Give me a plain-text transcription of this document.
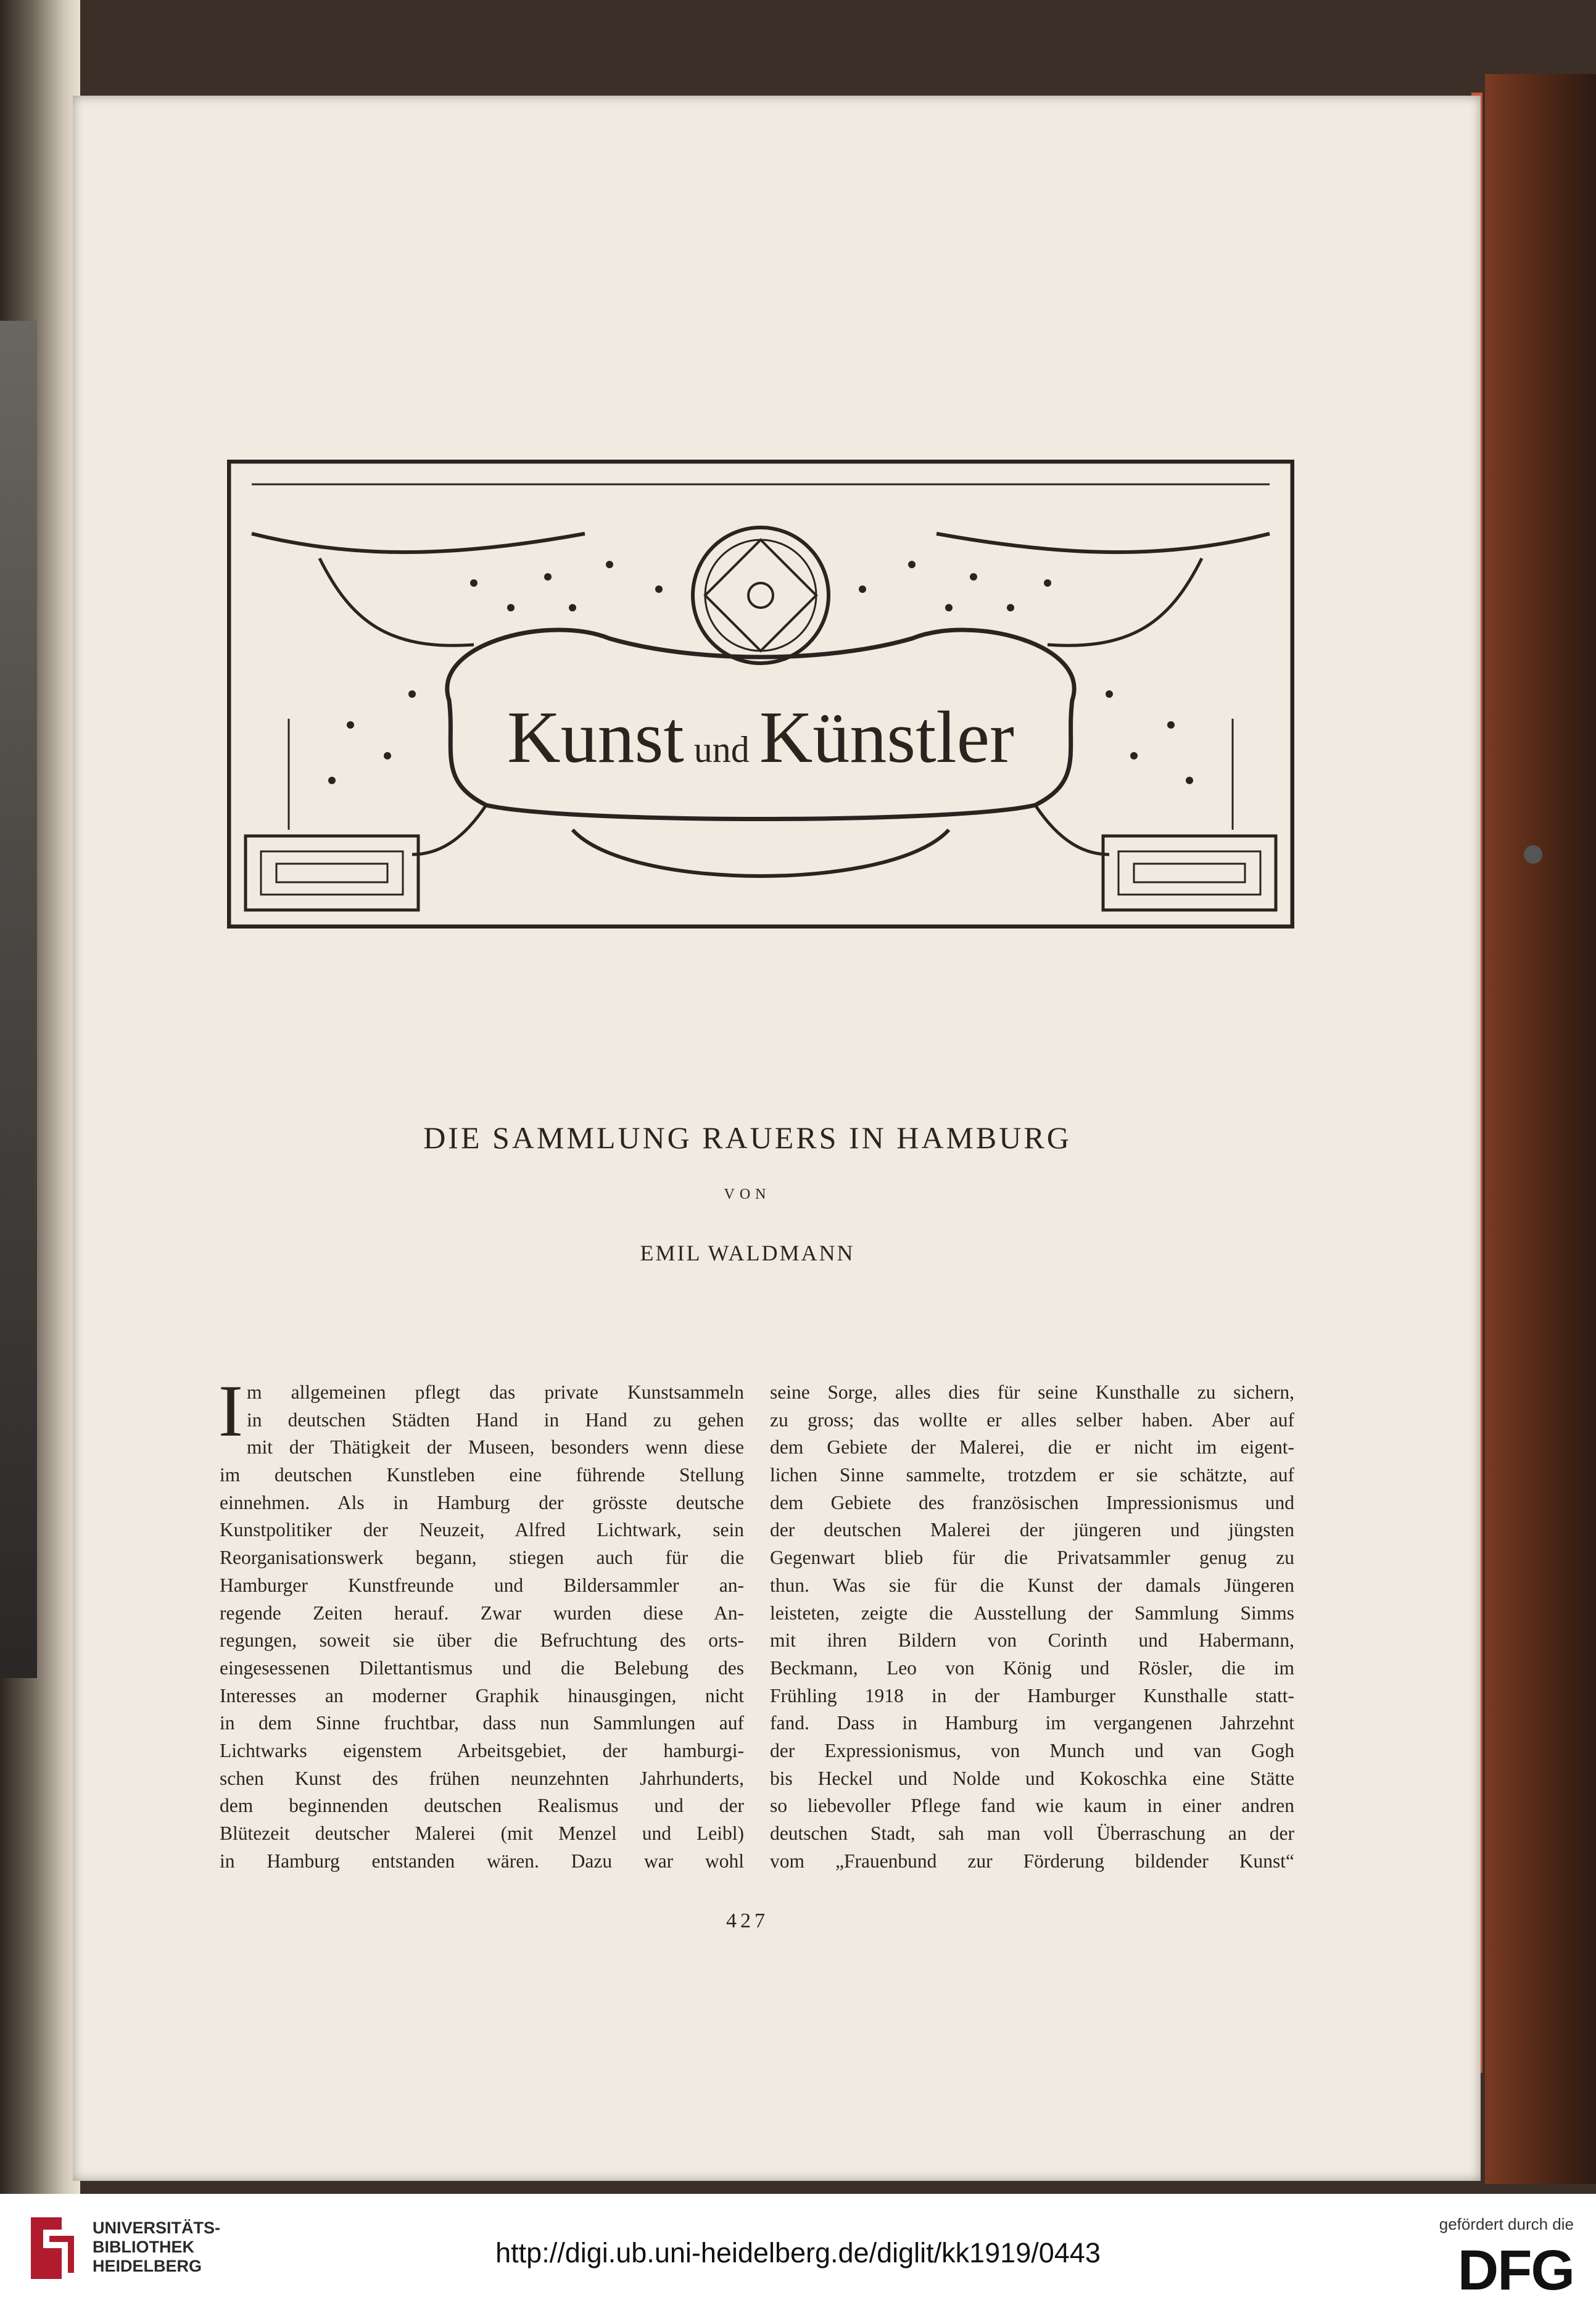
Kunst und Künstler
DIE SAMMLUNG RAUERS IN HAMBURG
VON
EMIL WALDMANN
I m allgemeinen pflegt das private Kunstsammeln
in deutschen Städten Hand in Hand zu gehen
mit der Thätigkeit der Museen, besonders wenn diese
im deutschen Kunstleben eine führende Stellung
einnehmen. Als in Hamburg der grösste deutsche
Kunstpolitiker der Neuzeit, Alfred Lichtwark, sein
Reorganisationswerk begann, stiegen auch für die
Hamburger Kunstfreunde und Bildersammler an-
regende Zeiten herauf. Zwar wurden diese An-
regungen, soweit sie über die Befruchtung des orts-
eingesessenen Dilettantismus und die Belebung des
Interesses an moderner Graphik hinausgingen, nicht
in dem Sinne fruchtbar, dass nun Sammlungen auf
Lichtwarks eigenstem Arbeitsgebiet, der hamburgi-
schen Kunst des frühen neunzehnten Jahrhunderts,
dem beginnenden deutschen Realismus und der
Blütezeit deutscher Malerei (mit Menzel und Leibl)
in Hamburg entstanden wären. Dazu war wohl
seine Sorge, alles dies für seine Kunsthalle zu sichern,
zu gross; das wollte er alles selber haben. Aber auf
dem Gebiete der Malerei, die er nicht im eigent-
lichen Sinne sammelte, trotzdem er sie schätzte, auf
dem Gebiete des französischen Impressionismus und
der deutschen Malerei der jüngeren und jüngsten
Gegenwart blieb für die Privatsammler genug zu
thun. Was sie für die Kunst der damals Jüngeren
leisteten, zeigte die Ausstellung der Sammlung Simms
mit ihren Bildern von Corinth und Habermann,
Beckmann, Leo von König und Rösler, die im
Frühling 1918 in der Hamburger Kunsthalle statt-
fand. Dass in Hamburg im vergangenen Jahrzehnt
der Expressionismus, von Munch und van Gogh
bis Heckel und Nolde und Kokoschka eine Stätte
so liebevoller Pflege fand wie kaum in einer andren
deutschen Stadt, sah man voll Überraschung an der
vom „Frauenbund zur Förderung bildender Kunst“
427
UNIVERSITÄTS-
BIBLIOTHEK
HEIDELBERG	http://digi.ub.uni-heidelberg.de/diglit/kk1919/0443
gefördert durch die
DFG
